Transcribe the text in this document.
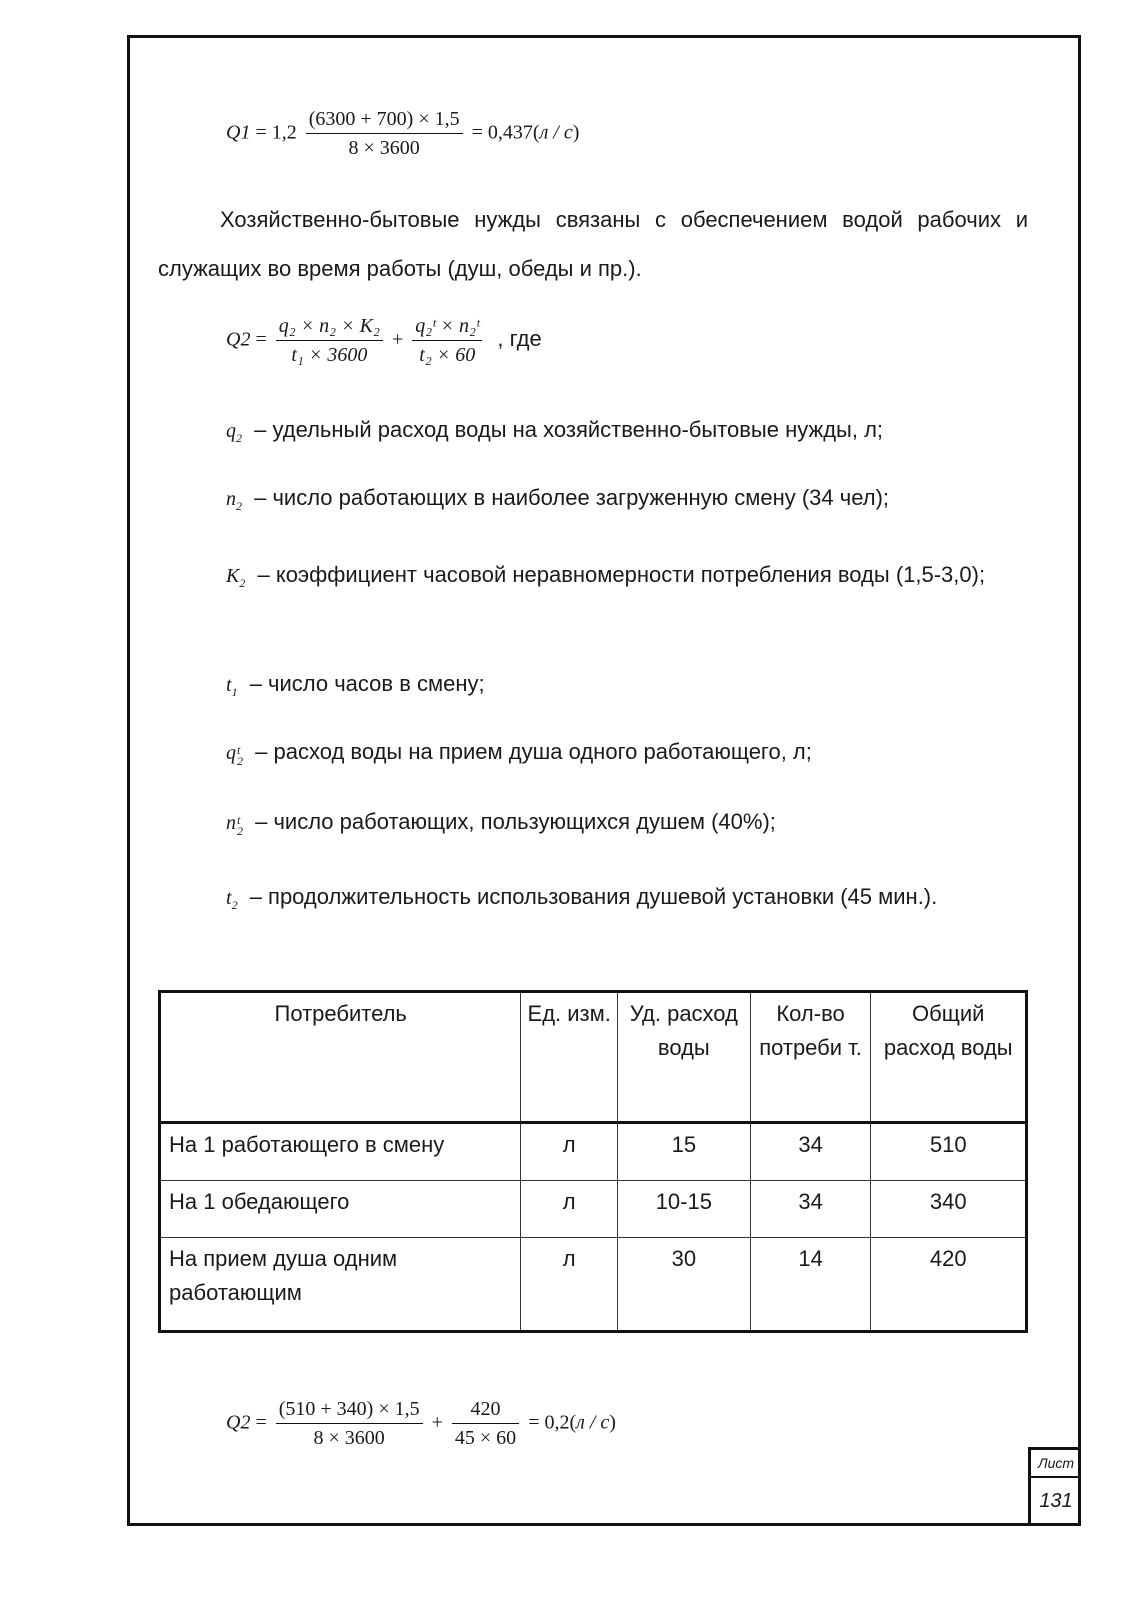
$Q1 = 1,2 \frac{(6300 + 700) \times 1,5}{8 \times 3600} = 0,437(л / с)$
Хозяйственно-бытовые нужды связаны с обеспечением водой рабочих и служащих во время работы (душ, обеды и пр.).
$Q2 = \frac{\text{q₂ × n₂ × K₂}}{\text{t₁ × 3600}} + \frac{\text{q₂ᵗ × n₂ᵗ}}{\text{t₂ × 60}}$ , где
$q_2$ – удельный расход воды на хозяйственно-бытовые нужды, л;
$n_2$ – число работающих в наиболее загруженную смену (34 чел);
$K_2$ – коэффициент часовой неравномерности потребления воды (1,5-3,0);
$t_1$ – число часов в смену;
q t
2 – расход воды на прием душа одного работающего, л;
n t
2 – число работающих, пользующихся душем (40%);
$t_2$ – продолжительность использования душевой установки (45 мин.).
Потребитель	Ед. изм.	Уд. расход воды	Кол-во потреби т.	Общий расход воды
На 1 работающего в смену	л	15	34	510
На 1 обедающего	л	10-15	34	340
На прием душа одним работающим	л	30	14	420
$Q2 = \frac{(510 + 340) \times 1,5}{8 \times 3600} + \frac{420}{45 \times 60} = 0,2(л / с)$
Лист
131
